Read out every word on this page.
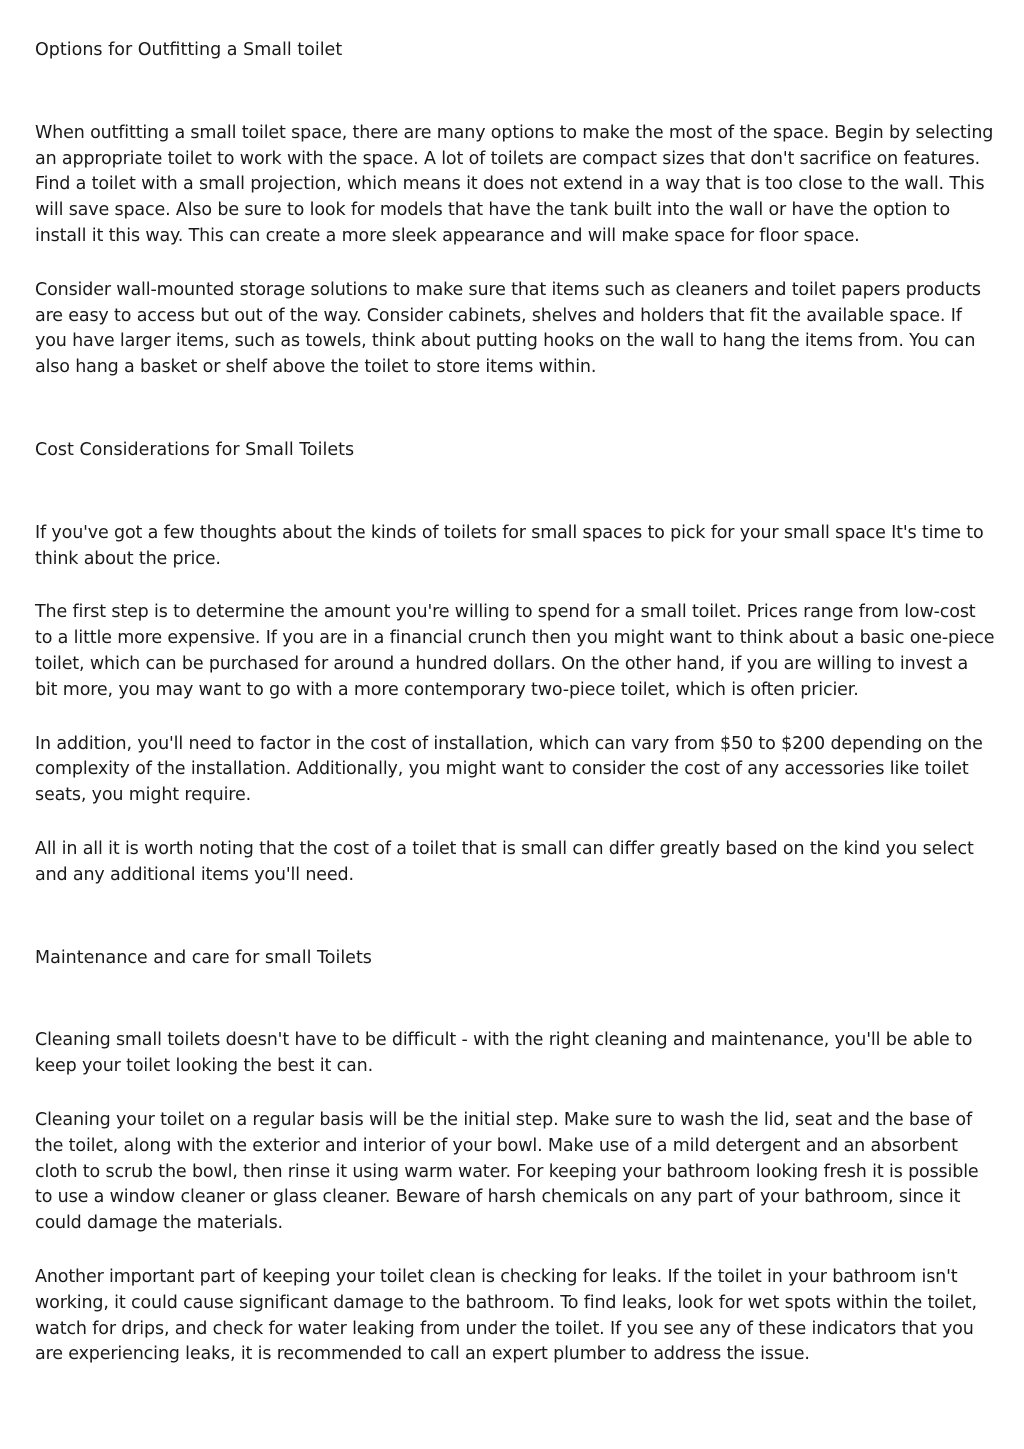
Options for Outfitting a Small toilet

When outfitting a small toilet space, there are many options to make the most of the space. Begin by selecting an appropriate toilet to work with the space. A lot of toilets are compact sizes that don't sacrifice on features. Find a toilet with a small projection, which means it does not extend in a way that is too close to the wall. This will save space. Also be sure to look for models that have the tank built into the wall or have the option to install it this way. This can create a more sleek appearance and will make space for floor space.

Consider wall-mounted storage solutions to make sure that items such as cleaners and toilet papers products are easy to access but out of the way. Consider cabinets, shelves and holders that fit the available space. If you have larger items, such as towels, think about putting hooks on the wall to hang the items from. You can also hang a basket or shelf above the toilet to store items within.

Cost Considerations for Small Toilets

If you've got a few thoughts about the kinds of toilets for small spaces to pick for your small space It's time to think about the price.

The first step is to determine the amount you're willing to spend for a small toilet. Prices range from low-cost to a little more expensive. If you are in a financial crunch then you might want to think about a basic one-piece toilet, which can be purchased for around a hundred dollars. On the other hand, if you are willing to invest a bit more, you may want to go with a more contemporary two-piece toilet, which is often pricier.

In addition, you'll need to factor in the cost of installation, which can vary from $50 to $200 depending on the complexity of the installation. Additionally, you might want to consider the cost of any accessories like toilet seats, you might require.

All in all it is worth noting that the cost of a toilet that is small can differ greatly based on the kind you select and any additional items you'll need.

Maintenance and care for small Toilets

Cleaning small toilets doesn't have to be difficult - with the right cleaning and maintenance, you'll be able to keep your toilet looking the best it can.

Cleaning your toilet on a regular basis will be the initial step. Make sure to wash the lid, seat and the base of the toilet, along with the exterior and interior of your bowl. Make use of a mild detergent and an absorbent cloth to scrub the bowl, then rinse it using warm water. For keeping your bathroom looking fresh it is possible to use a window cleaner or glass cleaner. Beware of harsh chemicals on any part of your bathroom, since it could damage the materials.

Another important part of keeping your toilet clean is checking for leaks. If the toilet in your bathroom isn't working, it could cause significant damage to the bathroom. To find leaks, look for wet spots within the toilet, watch for drips, and check for water leaking from under the toilet. If you see any of these indicators that you are experiencing leaks, it is recommended to call an expert plumber to address the issue.
